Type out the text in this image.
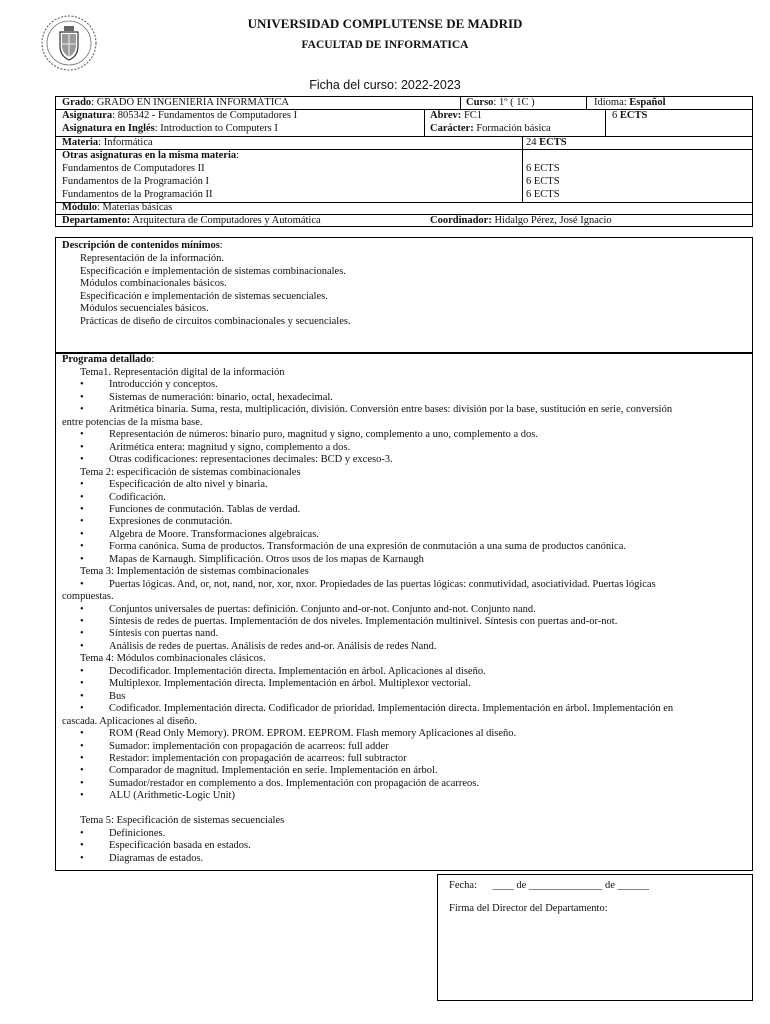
UNIVERSIDAD COMPLUTENSE DE MADRID
FACULTAD DE INFORMATICA
Ficha del curso: 2022-2023
Grado: GRADO EN INGENIERÍA INFORMÁTICA	Curso: 1º ( 1C )	Idioma: Español
Asignatura: 805342 - Fundamentos de Computadores I	Abrev: FC1	6 ECTS
Asignatura en Inglés: Introduction to Computers I	Carácter: Formación básica
Materia: Informática	24 ECTS
Otras asignaturas en la misma materia:
Fundamentos de Computadores II	6 ECTS
Fundamentos de la Programación I	6 ECTS
Fundamentos de la Programación II	6 ECTS
Módulo: Materias básicas
Departamento: Arquitectura de Computadores y Automática	Coordinador: Hidalgo Pérez, José Ignacio
Descripción de contenidos mínimos:
Representación de la información.
Especificación e implementación de sistemas combinacionales.
Módulos combinacionales básicos.
Especificación e implementación de sistemas secuenciales.
Módulos secuenciales básicos.
Prácticas de diseño de circuitos combinacionales y secuenciales.
Programa detallado:
Tema1. Representación digital de la información
• Introducción y conceptos.
• Sistemas de numeración: binario, octal, hexadecimal.
• Aritmética binaria. Suma, resta, multiplicación, división. Conversión entre bases: división por la base, sustitución en serie, conversión
entre potencias de la misma base.
• Representación de números: binario puro, magnitud y signo, complemento a uno, complemento a dos.
• Aritmética entera: magnitud y signo, complemento a dos.
• Otras codificaciones: representaciones decimales: BCD y exceso-3.
Tema 2: especificación de sistemas combinacionales
• Especificación de alto nivel y binaria.
• Codificación.
• Funciones de conmutación. Tablas de verdad.
• Expresiones de conmutación.
• Algebra de Moore. Transformaciones algebraicas.
• Forma canónica. Suma de productos. Transformación de una expresión de conmutación a una suma de productos canónica.
• Mapas de Karnaugh. Simplificación. Otros usos de los mapas de Karnaugh
Tema 3: Implementación de sistemas combinacionales
• Puertas lógicas. And, or, not, nand, nor, xor, nxor. Propiedades de las puertas lógicas: conmutividad, asociatividad. Puertas lógicas
compuestas.
• Conjuntos universales de puertas: definición. Conjunto and-or-not. Conjunto and-not. Conjunto nand.
• Síntesis de redes de puertas. Implementación de dos niveles. Implementación multinivel. Síntesis con puertas and-or-not.
• Síntesis con puertas nand.
• Análisis de redes de puertas. Análisis de redes and-or. Análisis de redes Nand.
Tema 4: Módulos combinacionales clásicos.
• Decodificador. Implementación directa. Implementación en árbol. Aplicaciones al diseño.
• Multiplexor. Implementación directa. Implementación en árbol. Multiplexor vectorial.
• Bus
• Codificador. Implementación directa. Codificador de prioridad. Implementación directa. Implementación en árbol. Implementación en
cascada. Aplicaciones al diseño.
• ROM (Read Only Memory). PROM. EPROM. EEPROM. Flash memory Aplicaciones al diseño.
• Sumador: implementación con propagación de acarreos: full adder
• Restador: implementación con propagación de acarreos: full subtractor
• Comparador de magnitud. Implementación en serie. Implementación en árbol.
• Sumador/restador en complemento a dos. Implementación con propagación de acarreos.
• ALU (Arithmetic-Logic Unit)
Tema 5: Especificación de sistemas secuenciales
• Definiciones.
• Especificación basada en estados.
• Diagramas de estados.
Fecha: ____ de ______________ de ______
Firma del Director del Departamento:
